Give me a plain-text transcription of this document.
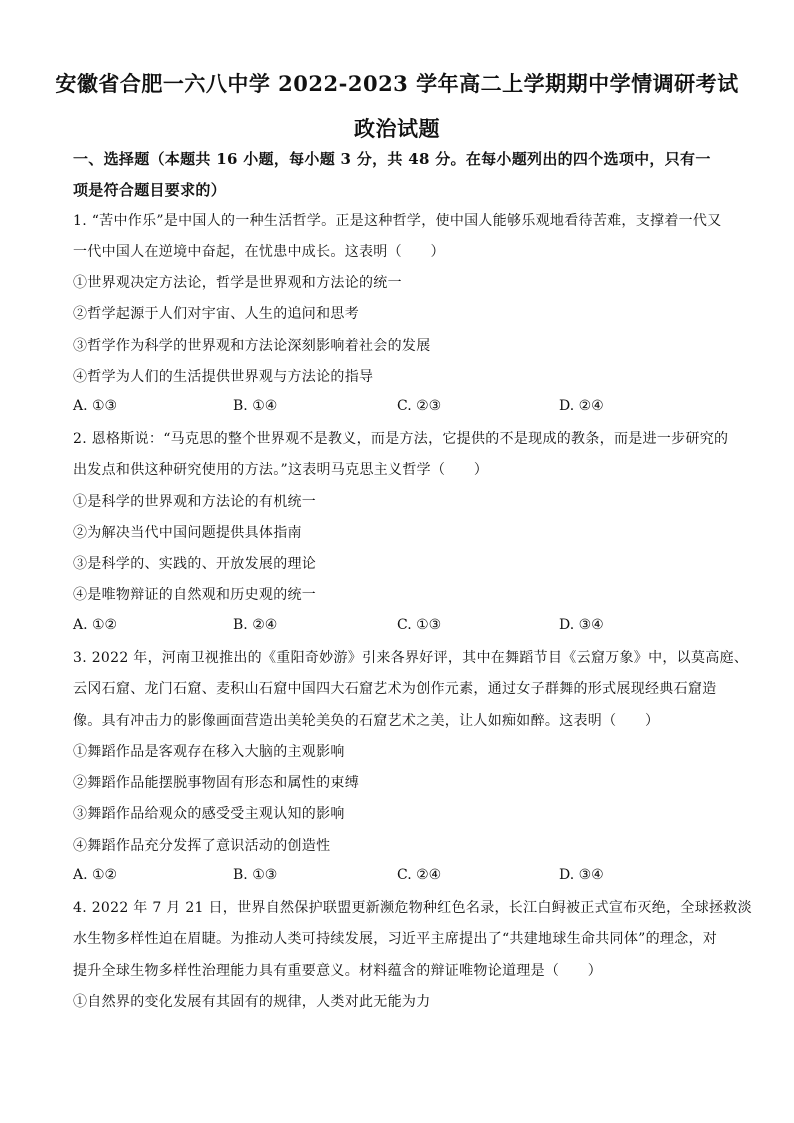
安徽省合肥一六八中学 2022-2023 学年高二上学期期中学情调研考试
政治试题
一、选择题（本题共 16 小题，每小题 3 分，共 48 分。在每小题列出的四个选项中，只有一
项是符合题目要求的）
1. “苦中作乐”是中国人的一种生活哲学。正是这种哲学，使中国人能够乐观地看待苦难，支撑着一代又
一代中国人在逆境中奋起，在忧患中成长。这表明（　　）
①世界观决定方法论，哲学是世界观和方法论的统一
②哲学起源于人们对宇宙、人生的追问和思考
③哲学作为科学的世界观和方法论深刻影响着社会的发展
④哲学为人们的生活提供世界观与方法论的指导
A. ①③	B. ①④	C. ②③	D. ②④
2. 恩格斯说：“马克思的整个世界观不是教义，而是方法，它提供的不是现成的教条，而是进一步研究的
出发点和供这种研究使用的方法。”这表明马克思主义哲学（　　）
①是科学的世界观和方法论的有机统一
②为解决当代中国问题提供具体指南
③是科学的、实践的、开放发展的理论
④是唯物辩证的自然观和历史观的统一
A. ①②	B. ②④	C. ①③	D. ③④
3. 2022 年，河南卫视推出的《重阳奇妙游》引来各界好评，其中在舞蹈节目《云窟万象》中，以莫高庭、
云冈石窟、龙门石窟、麦积山石窟中国四大石窟艺术为创作元素，通过女子群舞的形式展现经典石窟造
像。具有冲击力的影像画面营造出美轮美奂的石窟艺术之美，让人如痴如醉。这表明（　　）
①舞蹈作品是客观存在移入大脑的主观影响
②舞蹈作品能摆脱事物固有形态和属性的束缚
③舞蹈作品给观众的感受受主观认知的影响
④舞蹈作品充分发挥了意识活动的创造性
A. ①②	B. ①③	C. ②④	D. ③④
4. 2022 年 7 月 21 日，世界自然保护联盟更新濒危物种红色名录，长江白鲟被正式宣布灭绝，全球拯救淡
水生物多样性迫在眉睫。为推动人类可持续发展，习近平主席提出了“共建地球生命共同体”的理念，对
提升全球生物多样性治理能力具有重要意义。材料蕴含的辩证唯物论道理是（　　）
①自然界的变化发展有其固有的规律，人类对此无能为力
